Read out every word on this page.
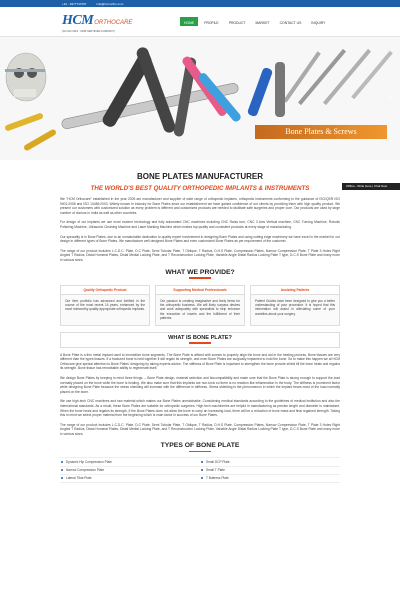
+91 - 9377747297	info@hcmortho.com
HCMORTHOCARE
(AN ISO 9001 : 2008 CERTIFIED COMPANY)
HOME	PROFILE	PRODUCT	MARKET	CONTACT US	INQUIRY
‹	›
Bone Plates & Screws
Offline - Write Here | Chat Now
BONE PLATES MANUFACTURER
THE WORLD'S BEST QUALITY ORTHOPEDIC IMPLANTS & INSTRUMENTS

We "HCM Orthocare" established in the year 2005 are manufacturer and supplier of wide range of orthopedic implants, orthopedic instruments conforming to the guidance of ISO/QSR ISO 9001:2008 and ISO 13485:2003. Widely known in industry for Bone Plates since our establishment we have gained confidence of our clients by providing them with high quality product. We present our customers with customized solution as every problem is different and customized products are needed to facilitate safe surgeries and proper cure. Our products are used by large number of doctors in India as well as other countries.

For design of our implants we use most modern technology and fully automated CNC machines including CNC Swiss turn, CNC 3 Axis Vertical machine, CNC Turning Machine, Robotic Polishing Machine, Ultrasonic Cleaning Machine and Laser Marking Machine which makes top quality and consistent products at every stage of manufacturing.

Our speciality is in Bone Plates, due to an unmatchable dedication to quality expert involvement in designing Bone Plates and using cutting edge machinery we have excel in the market for our design in different types of Bone Plates. We manufacture well designed Bone Plates and even customized Bone Plates as per requirement of the customer.

The range of our product includes L.C.D.C. Plate, D.C Plate, Semi Tubular Plate, T Oblique, T Radius, D.H.S Plate, Compression Plates, Narrow Compression Plate, T Plate 3 Holes Right Angled T Radius, Distal Humeral Plates, Distal Medial Locking Plate, and T Reconstruction Locking Plate, Variable Angle Distal Radius Locking Plate T type, D.C.S Bone Plate and many more in various sizes.

WHAT WE PROVIDE?
Quality Orthopedic Product
Our item portfolio has advanced and fortified in the course of the most recent 14 years, enhanced by the most noteworthy quality appropriate orthopedic implants.
Supporting Medical Professionals
Our passion is creating imaginative and lively items for the orthopedic business. We will likely surpass desires and work adequately with specialists to help enhance the execution of inserts and the fulfillment of their patients.
Assisting Patients
Patient Guides have been designed to give you a better understanding of your procedure. It is hoped that this information will assist in alleviating some of your anxieties about your surgery.
WHAT IS BONE PLATE?

A Bone Plate is a thin metal implant used to immobilize bone segments. The Bone Plate is affixed with screws to properly align the bone and aid in the healing process. Bone tissues are very different than the types tissues. If a fractured bone is held together it will regain its strength, and even Bone Plates are surgically implanted to hold the bone. So to make this happen we at HCM Orthocare give special attention to Bone Plates' designing by taking experts advice. The stiffness of Bone Plate is important to strengthen the bone provide shield till the bone heals and regains its strength. Bone tissue has remarkable ability to regenerate itself.

We design Bone Plates by keeping in mind three things: – Bone Plate design, material selection and biocompatibility and make sure that the Bone Plate is strong enough to support the load normally placed on the bone while the bone is healing. We also make sure that this implants are non-toxic so there is no reaction like inflammation in the body. The stiffness is prominent factor while designing Bone Plate because the stress shielding will increase with the difference in stiffness. Stress shielding is the phenomenon in which the implant bears most of the load normally placed on the bone.

We use high-tech CNC machines and raw material which makes our Bone Plates unmatchable. Considering medical standards according to the guidelines of medical institution and also the international standards. As a result, these Bone Plates are suitable for orthopedic surgeries. High tech machineries are helpful in manufacturing as precise length and diameter is maintained. When the bone heals and regains its strength, if the Bone Plates does not allow the bone to carry an increasing load, there will be a reduction of bone mass and final regained strength. Taking this in mind we select proper material from the beginning which is main factor in success of our Bone Plates.

The range of our product includes L.C.D.C. Plate, D.C Plate, Semi Tubular Plate, T Oblique, T Radius, D.H.S Plate, Compression Plates, Narrow Compression Plate, T Plate 3 Holes Right Angled T Radius, Distal Humeral Plates, Distal Medial Locking Plate, and T Reconstruction Locking Plate, Variable Angle Distal Radius Locking Plate T type, D.C.S Bone Plate and many more in various sizes.

TYPES OF BONE PLATE
Dynamic Hip Compression Plate	Small DCP Plate
Narrow Compression Plate	Small T Plate
Lateral Tibia Plate	T Buttress Plate
